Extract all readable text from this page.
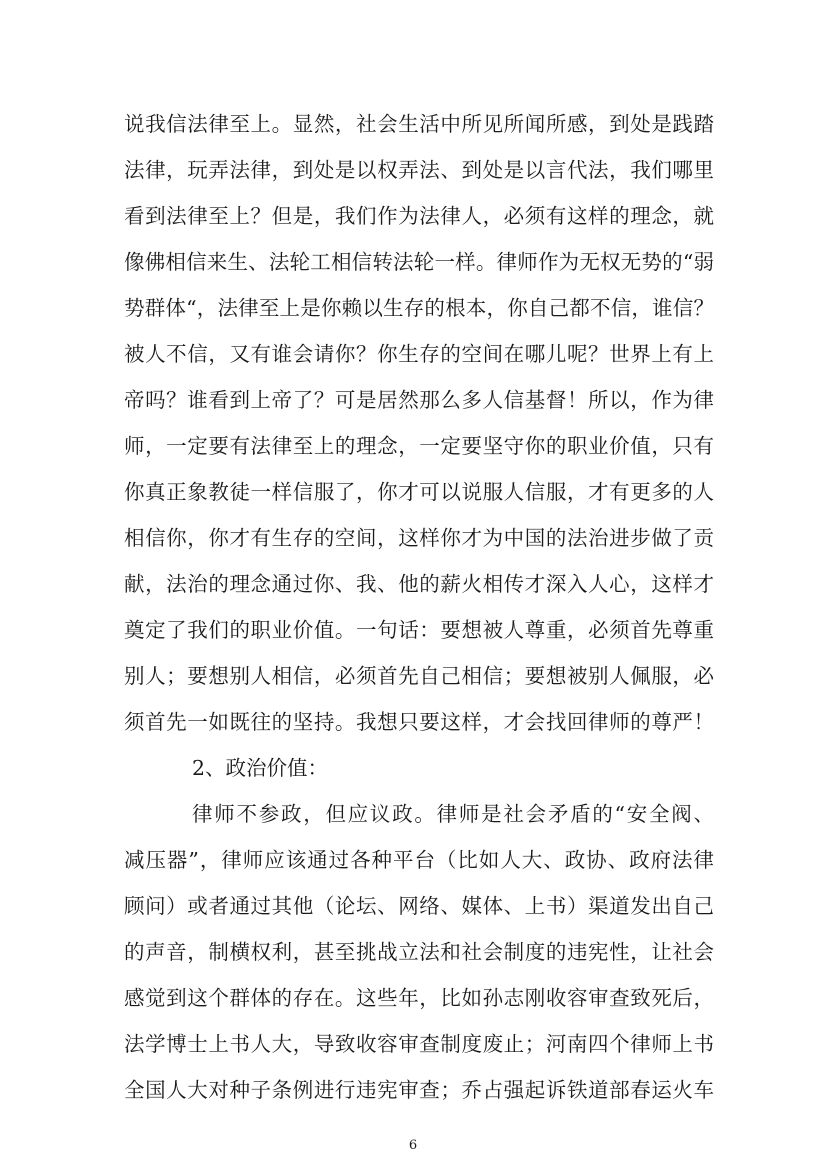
说我信法律至上。显然，社会生活中所见所闻所感，到处是践踏
法律，玩弄法律，到处是以权弄法、到处是以言代法，我们哪里
看到法律至上？但是，我们作为法律人，必须有这样的理念，就
像佛相信来生、法轮工相信转法轮一样。律师作为无权无势的“弱
势群体“，法律至上是你赖以生存的根本，你自己都不信，谁信？
被人不信，又有谁会请你？你生存的空间在哪儿呢？世界上有上
帝吗？谁看到上帝了？可是居然那么多人信基督！所以，作为律
师，一定要有法律至上的理念，一定要坚守你的职业价值，只有
你真正象教徒一样信服了，你才可以说服人信服，才有更多的人
相信你，你才有生存的空间，这样你才为中国的法治进步做了贡
献，法治的理念通过你、我、他的薪火相传才深入人心，这样才
奠定了我们的职业价值。一句话：要想被人尊重，必须首先尊重
别人；要想别人相信，必须首先自己相信；要想被别人佩服，必
须首先一如既往的坚持。我想只要这样，才会找回律师的尊严！
2、政治价值：
律师不参政，但应议政。律师是社会矛盾的“安全阀、
减压器”，律师应该通过各种平台（比如人大、政协、政府法律
顾问）或者通过其他（论坛、网络、媒体、上书）渠道发出自己
的声音，制横权利，甚至挑战立法和社会制度的违宪性，让社会
感觉到这个群体的存在。这些年，比如孙志刚收容审查致死后，
法学博士上书人大，导致收容审查制度废止；河南四个律师上书
全国人大对种子条例进行违宪审查；乔占强起诉铁道部春运火车
6
